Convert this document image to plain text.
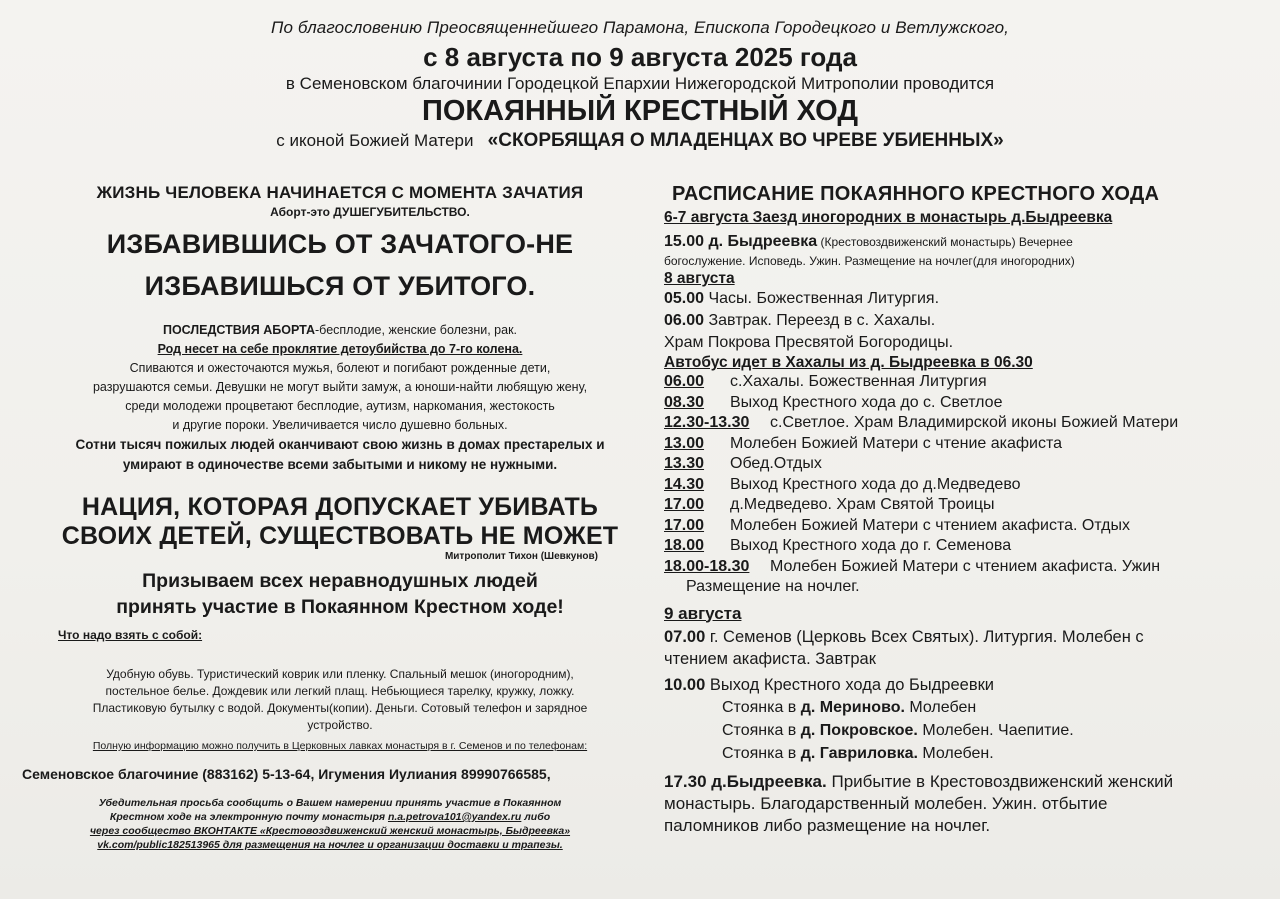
По благословению Преосвященнейшего Парамона, Епископа Городецкого и Ветлужского,
с 8 августа по 9 августа 2025 года
в Семеновском благочинии Городецкой Епархии Нижегородской Митрополии проводится
ПОКАЯННЫЙ КРЕСТНЫЙ ХОД
с иконой Божией Матери «СКОРБЯЩАЯ О МЛАДЕНЦАХ ВО ЧРЕВЕ УБИЕННЫХ»
ЖИЗНЬ ЧЕЛОВЕКА НАЧИНАЕТСЯ С МОМЕНТА ЗАЧАТИЯ
Аборт-это ДУШЕГУБИТЕЛЬСТВО.
ИЗБАВИВШИСЬ ОТ ЗАЧАТОГО-НЕ
ИЗБАВИШЬСЯ ОТ УБИТОГО.
ПОСЛЕДСТВИЯ АБОРТА-бесплодие, женские болезни, рак.
Род несет на себе проклятие детоубийства до 7-го колена.
Спиваются и ожесточаются мужья, болеют и погибают рожденные дети,
разрушаются семьи. Девушки не могут выйти замуж, а юноши-найти любящую жену,
среди молодежи процветают бесплодие, аутизм, наркомания, жестокость
и другие пороки. Увеличивается число душевно больных.
Сотни тысяч пожилых людей оканчивают свою жизнь в домах престарелых и
умирают в одиночестве всеми забытыми и никому не нужными.
НАЦИЯ, КОТОРАЯ ДОПУСКАЕТ УБИВАТЬ
СВОИХ ДЕТЕЙ, СУЩЕСТВОВАТЬ НЕ МОЖЕТ
Митрополит Тихон (Шевкунов)
Призываем всех неравнодушных людей
принять участие в Покаянном Крестном ходе!
Что надо взять с собой:
Удобную обувь. Туристический коврик или пленку. Спальный мешок (иногородним),
постельное белье. Дождевик или легкий плащ. Небьющиеся тарелку, кружку, ложку.
Пластиковую бутылку с водой. Документы(копии). Деньги. Сотовый телефон и зарядное
устройство.
Полную информацию можно получить в Церковных лавках монастыря в г. Семенов и по телефонам:
Семеновское благочиние (883162) 5-13-64, Игумения Иулиания 89990766585,
Убедительная просьба сообщить о Вашем намерении принять участие в Покаянном
Крестном ходе на электронную почту монастыря n.a.petrova101@yandex.ru либо
через сообщество ВКОНТАКТЕ «Крестовоздвиженский женский монастырь, Быдреевка»
vk.com/public182513965 для размещения на ночлег и организации доставки и трапезы.
РАСПИСАНИЕ ПОКАЯННОГО КРЕСТНОГО ХОДА
6-7 августа Заезд иногородних в монастырь д.Быдреевка
15.00 д. Быдреевка (Крестовоздвиженский монастырь) Вечернее
богослужение. Исповедь. Ужин. Размещение на ночлег(для иногородних)
8 августа
05.00 Часы. Божественная Литургия.
06.00 Завтрак. Переезд в с. Хахалы.
Храм Покрова Пресвятой Богородицы.
Автобус идет в Хахалы из д. Быдреевка в 06.30
06.00	с.Хахалы. Божественная Литургия
08.30	Выход Крестного хода до с. Светлое
12.30-13.30	с.Светлое. Храм Владимирской иконы Божией Матери
13.00	Молебен Божией Матери с чтение акафиста
13.30	Обед.Отдых
14.30	Выход Крестного хода до д.Медведево
17.00	д.Медведево. Храм Святой Троицы
17.00	Молебен Божией Матери с чтением акафиста. Отдых
18.00	Выход Крестного хода до г. Семенова
18.00-18.30	Молебен Божией Матери с чтением акафиста. Ужин
Размещение на ночлег.
9 августа
07.00 г. Семенов (Церковь Всех Святых). Литургия. Молебен с
чтением акафиста. Завтрак
10.00 Выход Крестного хода до Быдреевки
Стоянка в д. Мериново. Молебен
Стоянка в д. Покровское. Молебен. Чаепитие.
Стоянка в д. Гавриловка. Молебен.
17.30 д.Быдреевка. Прибытие в Крестовоздвиженский женский
монастырь. Благодарственный молебен. Ужин. отбытие
паломников либо размещение на ночлег.
